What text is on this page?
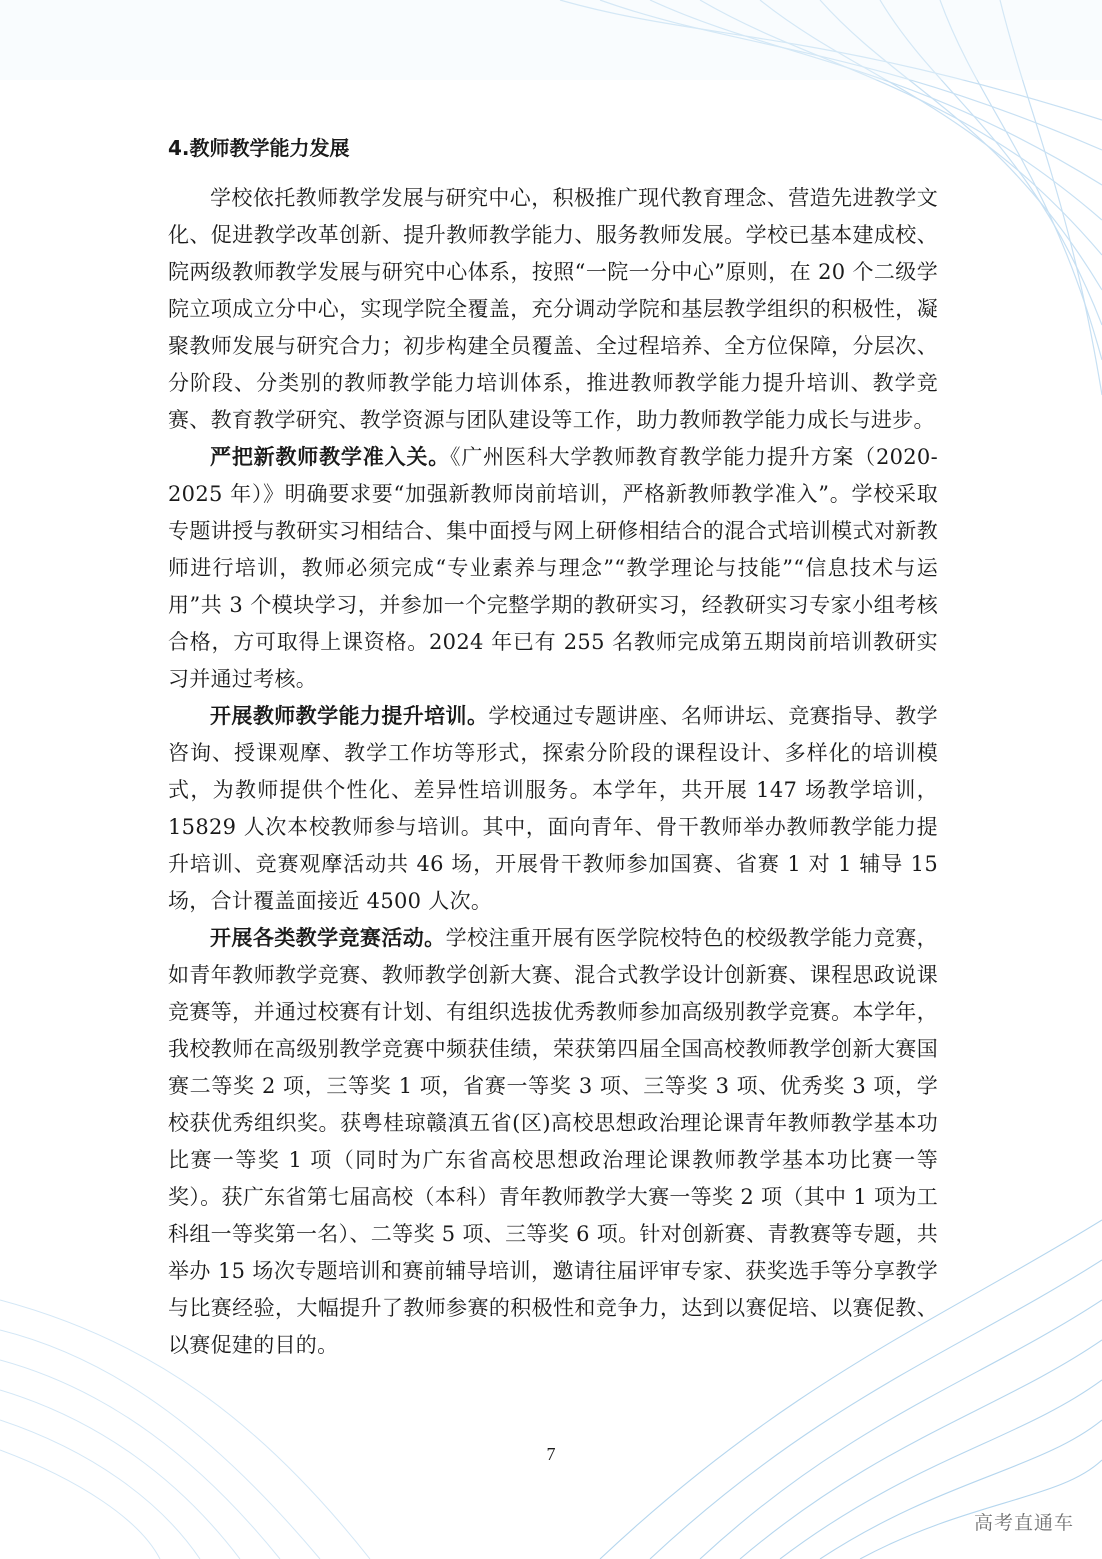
4.教师教学能力发展

学校依托教师教学发展与研究中心，积极推广现代教育理念、营造先进教学文化、促进教学改革创新、提升教师教学能力、服务教师发展。学校已基本建成校、院两级教师教学发展与研究中心体系，按照“一院一分中心”原则，在 20 个二级学院立项成立分中心，实现学院全覆盖，充分调动学院和基层教学组织的积极性，凝聚教师发展与研究合力；初步构建全员覆盖、全过程培养、全方位保障，分层次、分阶段、分类别的教师教学能力培训体系，推进教师教学能力提升培训、教学竞赛、教育教学研究、教学资源与团队建设等工作，助力教师教学能力成长与进步。

严把新教师教学准入关。《广州医科大学教师教育教学能力提升方案（2020-2025 年）》明确要求要“加强新教师岗前培训，严格新教师教学准入”。学校采取专题讲授与教研实习相结合、集中面授与网上研修相结合的混合式培训模式对新教师进行培训，教师必须完成“专业素养与理念”“教学理论与技能”“信息技术与运用”共 3 个模块学习，并参加一个完整学期的教研实习，经教研实习专家小组考核合格，方可取得上课资格。2024 年已有 255 名教师完成第五期岗前培训教研实习并通过考核。

开展教师教学能力提升培训。学校通过专题讲座、名师讲坛、竞赛指导、教学咨询、授课观摩、教学工作坊等形式，探索分阶段的课程设计、多样化的培训模式，为教师提供个性化、差异性培训服务。本学年，共开展 147 场教学培训，15829 人次本校教师参与培训。其中，面向青年、骨干教师举办教师教学能力提升培训、竞赛观摩活动共 46 场，开展骨干教师参加国赛、省赛 1 对 1 辅导 15 场，合计覆盖面接近 4500 人次。

开展各类教学竞赛活动。学校注重开展有医学院校特色的校级教学能力竞赛，如青年教师教学竞赛、教师教学创新大赛、混合式教学设计创新赛、课程思政说课竞赛等，并通过校赛有计划、有组织选拔优秀教师参加高级别教学竞赛。本学年，我校教师在高级别教学竞赛中频获佳绩，荣获第四届全国高校教师教学创新大赛国赛二等奖 2 项，三等奖 1 项，省赛一等奖 3 项、三等奖 3 项、优秀奖 3 项，学校获优秀组织奖。获粤桂琼赣滇五省(区)高校思想政治理论课青年教师教学基本功比赛一等奖 1 项（同时为广东省高校思想政治理论课教师教学基本功比赛一等奖）。获广东省第七届高校（本科）青年教师教学大赛一等奖 2 项（其中 1 项为工科组一等奖第一名）、二等奖 5 项、三等奖 6 项。针对创新赛、青教赛等专题，共举办 15 场次专题培训和赛前辅导培训，邀请往届评审专家、获奖选手等分享教学与比赛经验，大幅提升了教师参赛的积极性和竞争力，达到以赛促培、以赛促教、以赛促建的目的。

7
高考直通车
